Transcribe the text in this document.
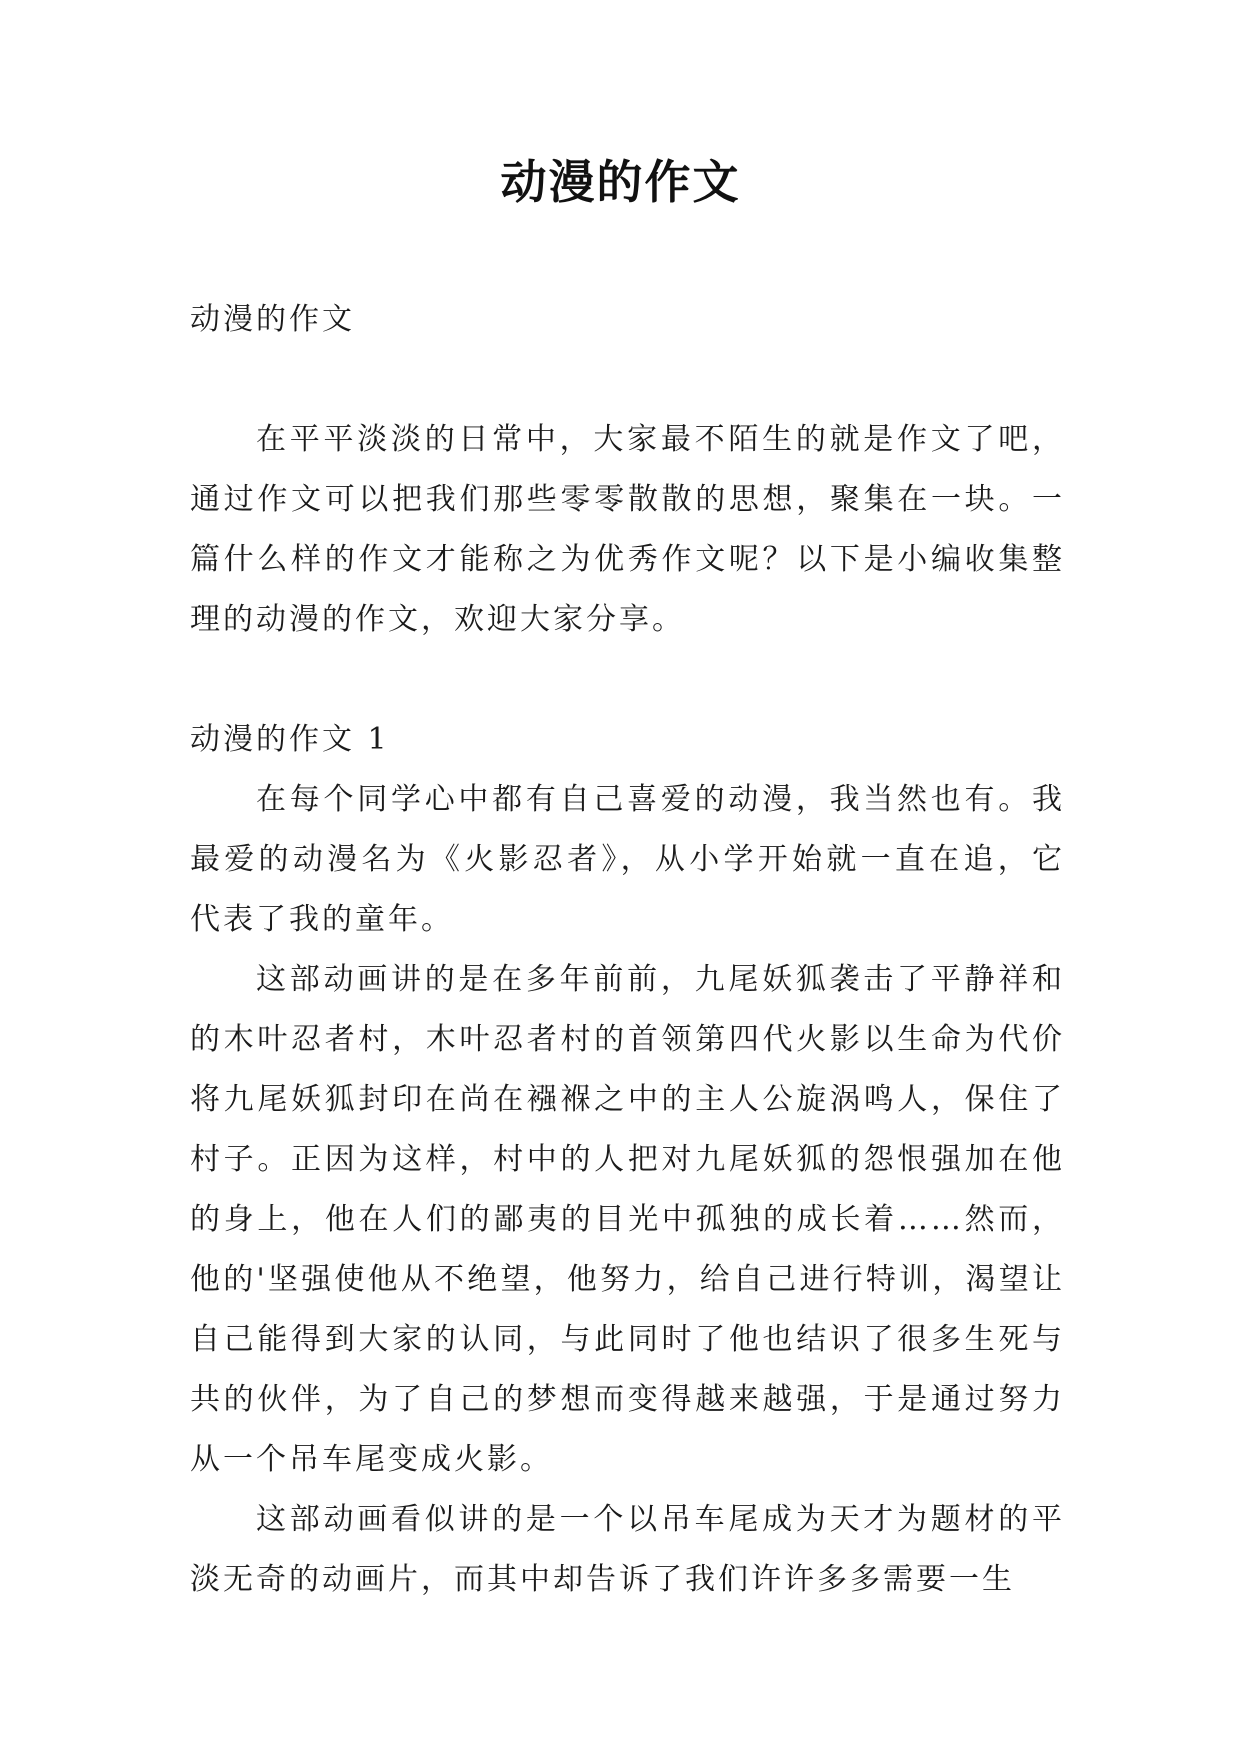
动漫的作文

动漫的作文

在平平淡淡的日常中，大家最不陌生的就是作文了吧，通过作文可以把我们那些零零散散的思想，聚集在一块。一篇什么样的作文才能称之为优秀作文呢？以下是小编收集整理的动漫的作文，欢迎大家分享。

动漫的作文 1

在每个同学心中都有自己喜爱的动漫，我当然也有。我最爱的动漫名为《火影忍者》，从小学开始就一直在追，它代表了我的童年。

这部动画讲的是在多年前前，九尾妖狐袭击了平静祥和的木叶忍者村，木叶忍者村的首领第四代火影以生命为代价将九尾妖狐封印在尚在襁褓之中的主人公旋涡鸣人，保住了村子。正因为这样，村中的人把对九尾妖狐的怨恨强加在他的身上，他在人们的鄙夷的目光中孤独的成长着……然而，他的'坚强使他从不绝望，他努力，给自己进行特训，渴望让自己能得到大家的认同，与此同时了他也结识了很多生死与共的伙伴，为了自己的梦想而变得越来越强，于是通过努力从一个吊车尾变成火影。

这部动画看似讲的是一个以吊车尾成为天才为题材的平淡无奇的动画片，而其中却告诉了我们许许多多需要一生
